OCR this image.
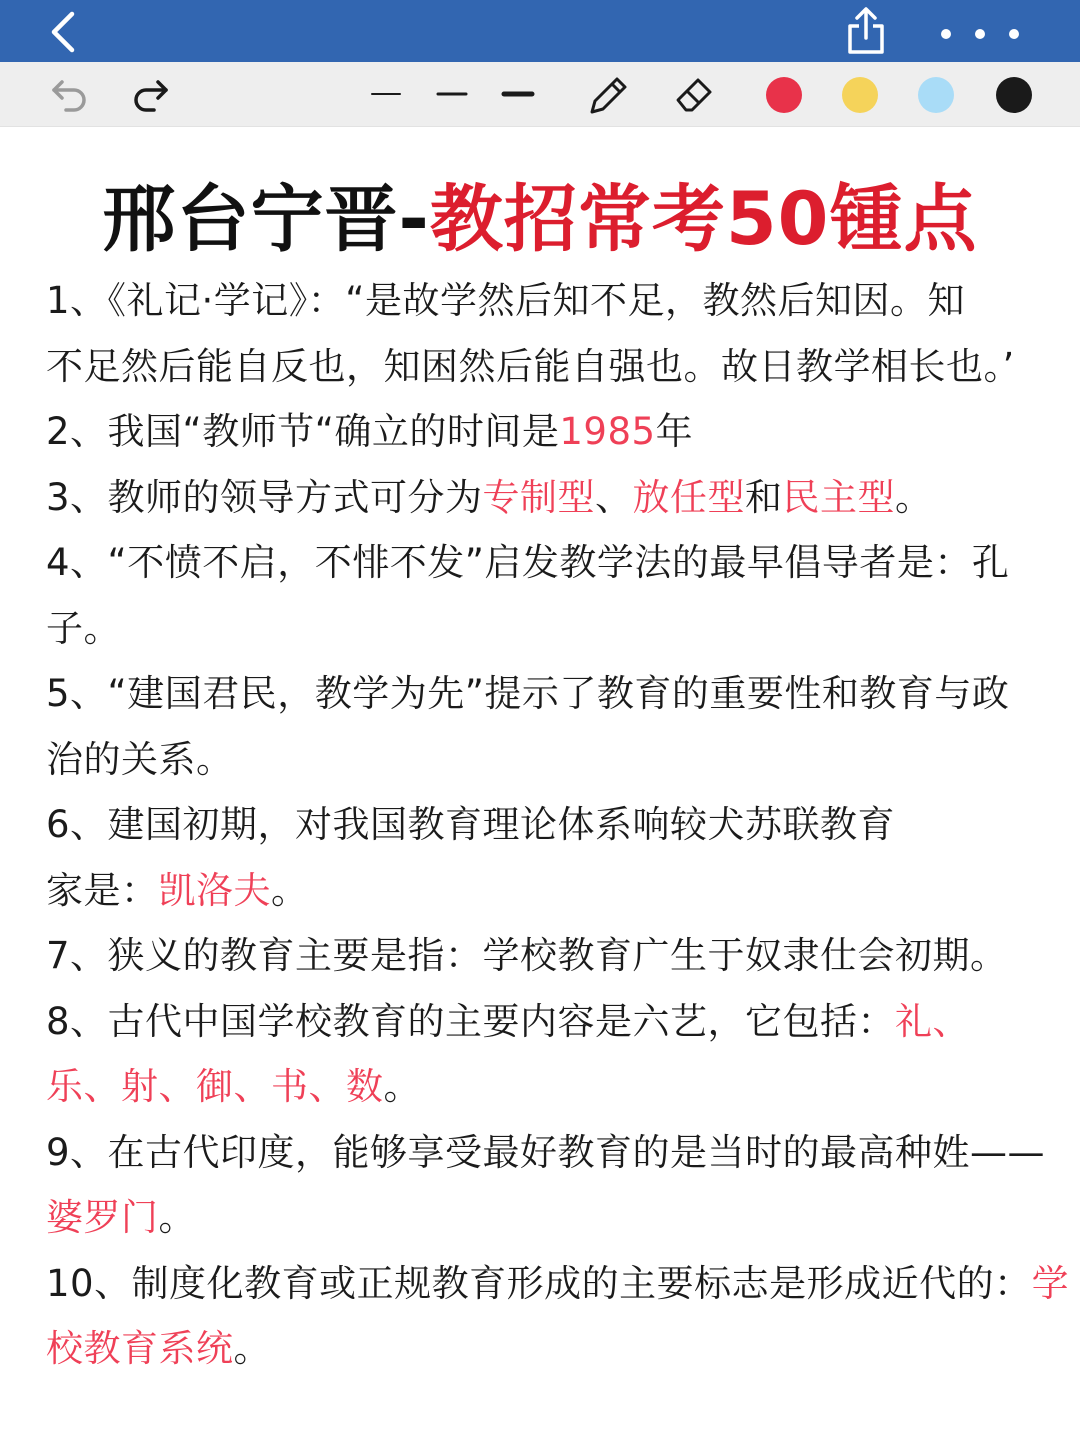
邢台宁晋-教招常考50锺点
1、《礼记·学记》：“是故学然后知不足，教然后知因。知
不足然后能自反也，知困然后能自强也。故日教学相长也。’
2、我国“教师节“确立的时间是1985年
3、教师的领导方式可分为专制型、放任型和民主型。
4、“不愤不启，不悱不发”启发教学法的最早倡导者是：孔
子。
5、“建国君民，教学为先”提示了教育的重要性和教育与政
治的关系。
6、建国初期，对我国教育理论体系响较犬苏联教育
家是：凯洛夫。
7、狭义的教育主要是指：学校教育广生于奴隶仕会初期。
8、古代中国学校教育的主要内容是六艺，它包括：礼、
乐、射、御、书、数。
9、在古代印度，能够享受最好教育的是当时的最高种姓——
婆罗门。
10、制度化教育或正规教育形成的主要标志是形成近代的：学
校教育系统。
